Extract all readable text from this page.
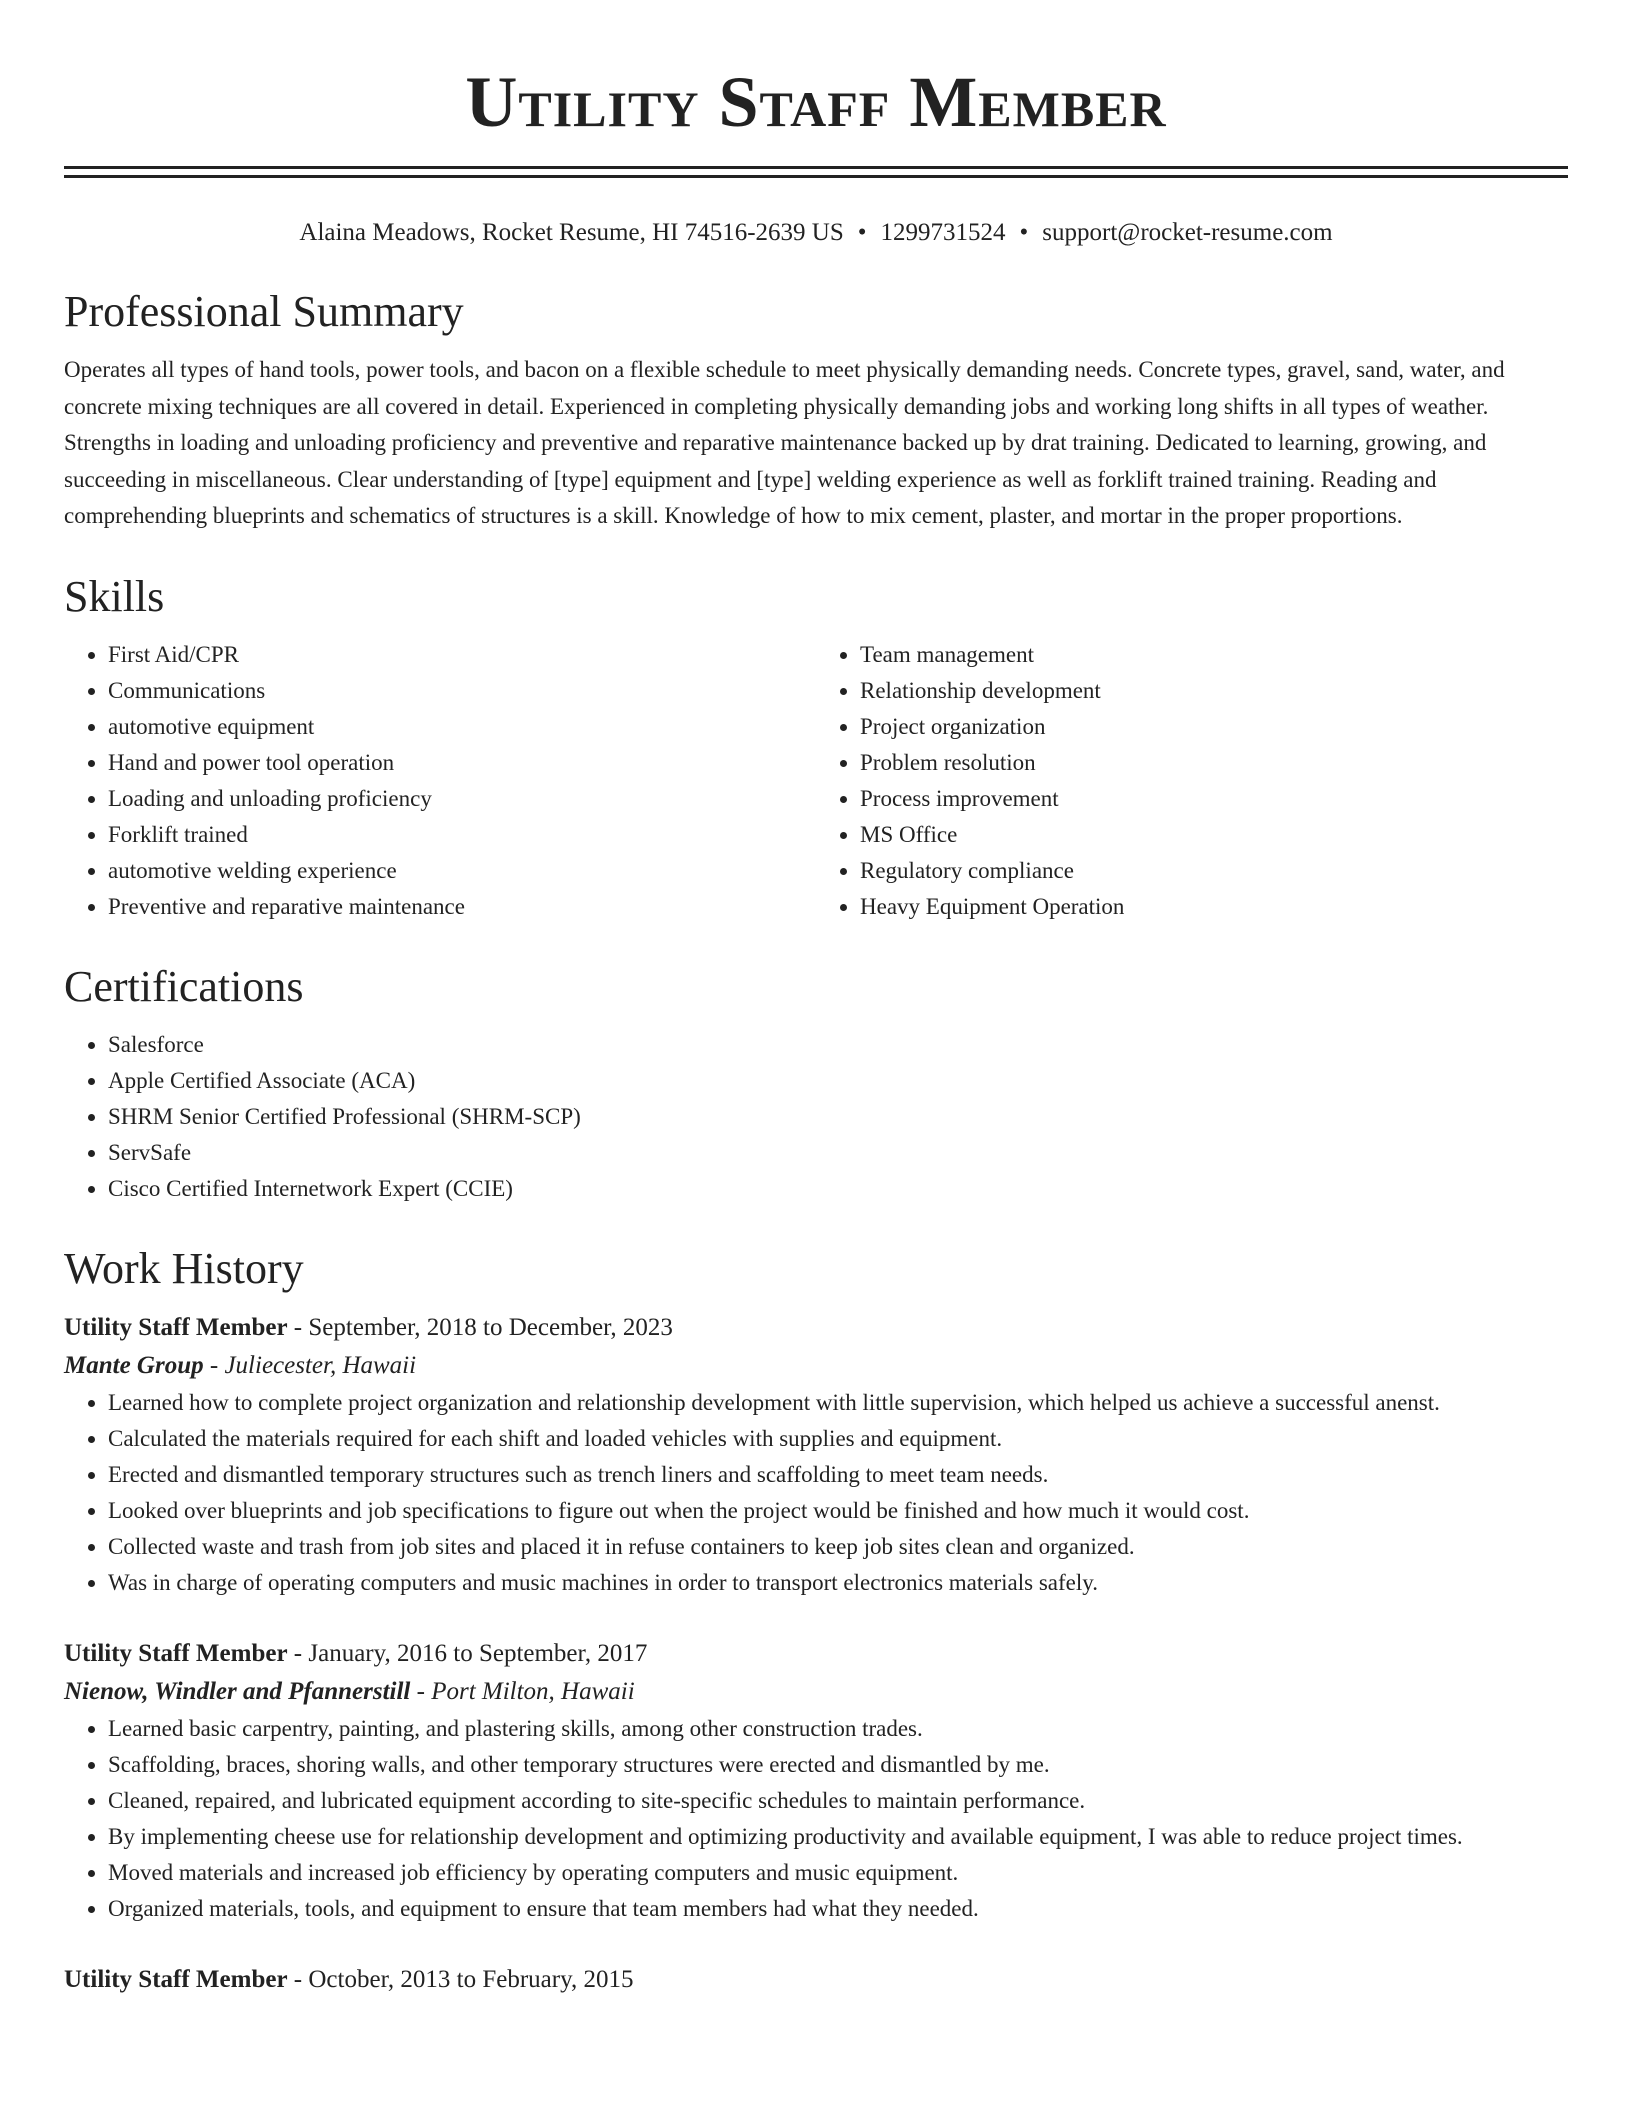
Utility Staff Member
Alaina Meadows, Rocket Resume, HI 74516-2639 US • 1299731524 • support@rocket-resume.com
Professional Summary

Operates all types of hand tools, power tools, and bacon on a flexible schedule to meet physically demanding needs. Concrete types, gravel, sand, water, and concrete mixing techniques are all covered in detail. Experienced in completing physically demanding jobs and working long shifts in all types of weather. Strengths in loading and unloading proficiency and preventive and reparative maintenance backed up by drat training. Dedicated to learning, growing, and succeeding in miscellaneous. Clear understanding of [type] equipment and [type] welding experience as well as forklift trained training. Reading and comprehending blueprints and schematics of structures is a skill. Knowledge of how to mix cement, plaster, and mortar in the proper proportions.

Skills
• First Aid/CPR
• Communications
• automotive equipment
• Hand and power tool operation
• Loading and unloading proficiency
• Forklift trained
• automotive welding experience
• Preventive and reparative maintenance
• Team management
• Relationship development
• Project organization
• Problem resolution
• Process improvement
• MS Office
• Regulatory compliance
• Heavy Equipment Operation
Certifications
• Salesforce
• Apple Certified Associate (ACA)
• SHRM Senior Certified Professional (SHRM-SCP)
• ServSafe
• Cisco Certified Internetwork Expert (CCIE)
Work History
Utility Staff Member - September, 2018 to December, 2023
Mante Group - Juliecester, Hawaii
• Learned how to complete project organization and relationship development with little supervision, which helped us achieve a successful anenst.
• Calculated the materials required for each shift and loaded vehicles with supplies and equipment.
• Erected and dismantled temporary structures such as trench liners and scaffolding to meet team needs.
• Looked over blueprints and job specifications to figure out when the project would be finished and how much it would cost.
• Collected waste and trash from job sites and placed it in refuse containers to keep job sites clean and organized.
• Was in charge of operating computers and music machines in order to transport electronics materials safely.
Utility Staff Member - January, 2016 to September, 2017
Nienow, Windler and Pfannerstill - Port Milton, Hawaii
• Learned basic carpentry, painting, and plastering skills, among other construction trades.
• Scaffolding, braces, shoring walls, and other temporary structures were erected and dismantled by me.
• Cleaned, repaired, and lubricated equipment according to site-specific schedules to maintain performance.
• By implementing cheese use for relationship development and optimizing productivity and available equipment, I was able to reduce project times.
• Moved materials and increased job efficiency by operating computers and music equipment.
• Organized materials, tools, and equipment to ensure that team members had what they needed.
Utility Staff Member - October, 2013 to February, 2015
